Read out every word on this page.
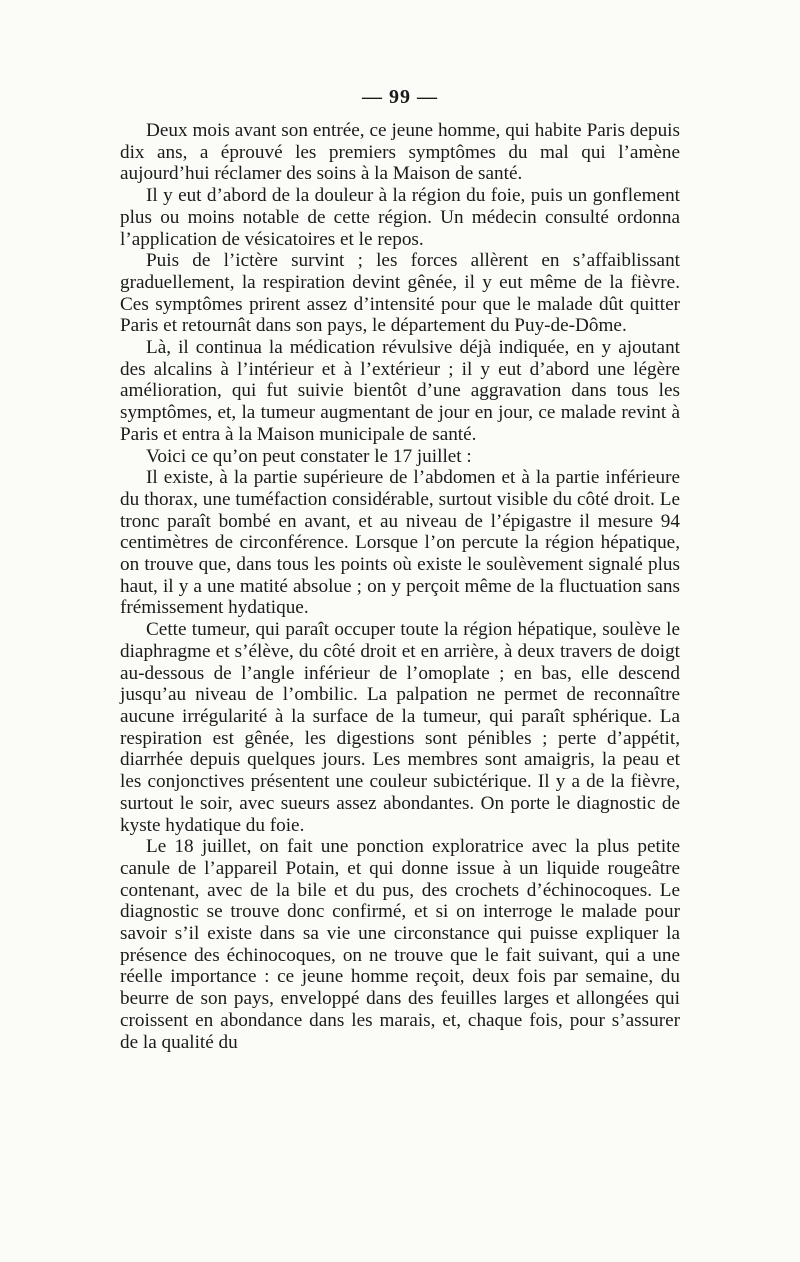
— 99 —

Deux mois avant son entrée, ce jeune homme, qui habite Paris depuis dix ans, a éprouvé les premiers symptômes du mal qui l’amène aujourd’hui réclamer des soins à la Maison de santé.

Il y eut d’abord de la douleur à la région du foie, puis un gonflement plus ou moins notable de cette région. Un médecin consulté ordonna l’application de vésicatoires et le repos.

Puis de l’ictère survint ; les forces allèrent en s’affaiblissant graduellement, la respiration devint gênée, il y eut même de la fièvre. Ces symptômes prirent assez d’intensité pour que le malade dût quitter Paris et retournât dans son pays, le département du Puy-de-Dôme.

Là, il continua la médication révulsive déjà indiquée, en y ajoutant des alcalins à l’intérieur et à l’extérieur ; il y eut d’abord une légère amélioration, qui fut suivie bientôt d’une aggravation dans tous les symptômes, et, la tumeur augmentant de jour en jour, ce malade revint à Paris et entra à la Maison municipale de santé.

Voici ce qu’on peut constater le 17 juillet :

Il existe, à la partie supérieure de l’abdomen et à la partie inférieure du thorax, une tuméfaction considérable, surtout visible du côté droit. Le tronc paraît bombé en avant, et au niveau de l’épigastre il mesure 94 centimètres de circonférence. Lorsque l’on percute la région hépatique, on trouve que, dans tous les points où existe le soulèvement signalé plus haut, il y a une matité absolue ; on y perçoit même de la fluctuation sans frémissement hydatique.

Cette tumeur, qui paraît occuper toute la région hépatique, soulève le diaphragme et s’élève, du côté droit et en arrière, à deux travers de doigt au-dessous de l’angle inférieur de l’omoplate ; en bas, elle descend jusqu’au niveau de l’ombilic. La palpation ne permet de reconnaître aucune irrégularité à la surface de la tumeur, qui paraît sphérique. La respiration est gênée, les digestions sont pénibles ; perte d’appétit, diarrhée depuis quelques jours. Les membres sont amaigris, la peau et les conjonctives présentent une couleur subictérique. Il y a de la fièvre, surtout le soir, avec sueurs assez abondantes. On porte le diagnostic de kyste hydatique du foie.

Le 18 juillet, on fait une ponction exploratrice avec la plus petite canule de l’appareil Potain, et qui donne issue à un liquide rougeâtre contenant, avec de la bile et du pus, des crochets d’échinocoques. Le diagnostic se trouve donc confirmé, et si on interroge le malade pour savoir s’il existe dans sa vie une circonstance qui puisse expliquer la présence des échinocoques, on ne trouve que le fait suivant, qui a une réelle importance : ce jeune homme reçoit, deux fois par semaine, du beurre de son pays, enveloppé dans des feuilles larges et allongées qui croissent en abondance dans les marais, et, chaque fois, pour s’assurer de la qualité du
